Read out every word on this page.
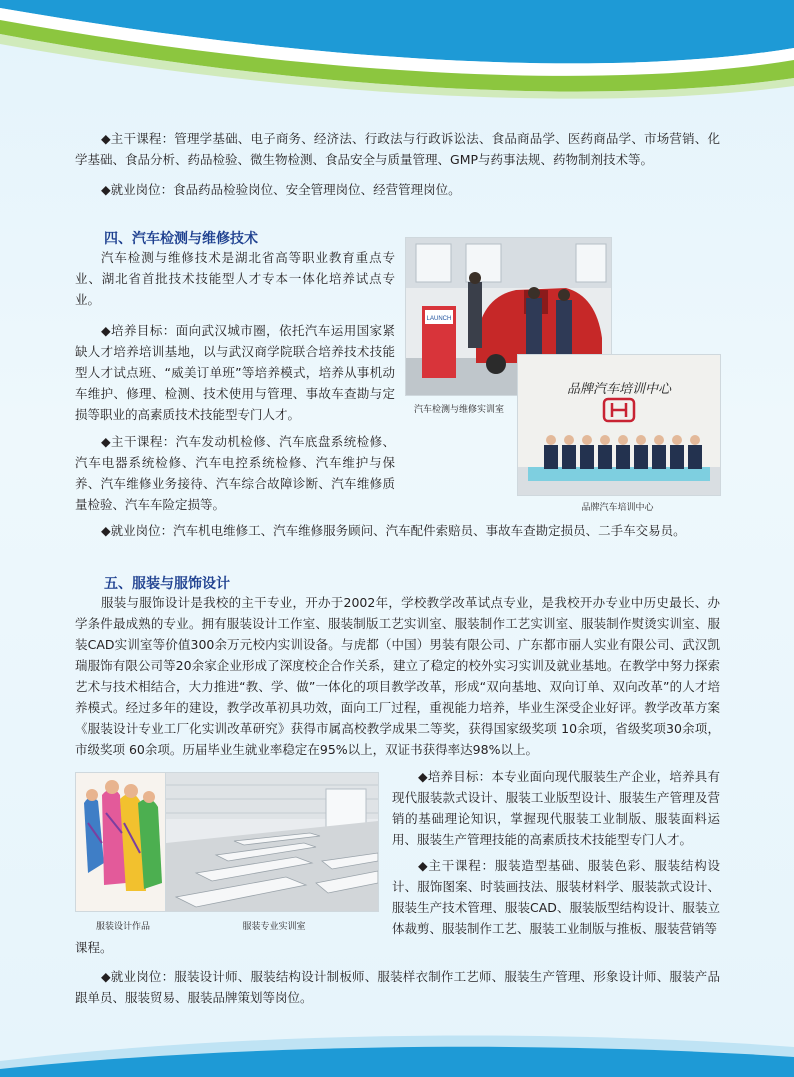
◆主干课程：管理学基础、电子商务、经济法、行政法与行政诉讼法、食品商品学、医药商品学、市场营销、化学基础、食品分析、药品检验、微生物检测、食品安全与质量管理、GMP与药事法规、药物制剂技术等。

◆就业岗位：食品药品检验岗位、安全管理岗位、经营管理岗位。

四、汽车检测与维修技术

汽车检测与维修技术是湖北省高等职业教育重点专业、湖北省首批技术技能型人才专本一体化培养试点专业。

◆培养目标：面向武汉城市圈，依托汽车运用国家紧缺人才培养培训基地，以与武汉商学院联合培养技术技能型人才试点班、“威美订单班”等培养模式，培养从事机动车维护、修理、检测、技术使用与管理、事故车查勘与定损等职业的高素质技术技能型专门人才。

◆主干课程：汽车发动机检修、汽车底盘系统检修、汽车电器系统检修、汽车电控系统检修、汽车维护与保养、汽车维修业务接待、汽车综合故障诊断、汽车维修质量检验、汽车车险定损等。

◆就业岗位：汽车机电维修工、汽车维修服务顾问、汽车配件索赔员、事故车查勘定损员、二手车交易员。

LAUNCH
品牌汽车培训中心
汽车检测与维修实训室
品牌汽车培训中心
五、服装与服饰设计

服装与服饰设计是我校的主干专业，开办于2002年，学校教学改革试点专业，是我校开办专业中历史最长、办学条件最成熟的专业。拥有服装设计工作室、服装制版工艺实训室、服装制作工艺实训室、服装制作熨烫实训室、服装CAD实训室等价值300余万元校内实训设备。与虎都（中国）男装有限公司、广东都市丽人实业有限公司、武汉凯瑞服饰有限公司等20余家企业形成了深度校企合作关系，建立了稳定的校外实习实训及就业基地。在教学中努力探索艺术与技术相结合，大力推进“教、学、做”一体化的项目教学改革，形成“双向基地、双向订单、双向改革”的人才培养模式。经过多年的建设，教学改革初具功效，面向工厂过程，重视能力培养，毕业生深受企业好评。教学改革方案《服装设计专业工厂化实训改革研究》获得市属高校教学成果二等奖，获得国家级奖项 10余项，省级奖项30余项，市级奖项 60余项。历届毕业生就业率稳定在95%以上，双证书获得率达98%以上。

服装设计作品	服装专业实训室

◆培养目标：本专业面向现代服装生产企业，培养具有现代服装款式设计、服装工业版型设计、服装生产管理及营销的基础理论知识，掌握现代服装工业制版、服装面料运用、服装生产管理技能的高素质技术技能型专门人才。

◆主干课程：服装造型基础、服装色彩、服装结构设计、服饰图案、时装画技法、服装材料学、服装款式设计、服装生产技术管理、服装CAD、服装版型结构设计、服装立体裁剪、服装制作工艺、服装工业制版与推板、服装营销等

课程。

◆就业岗位：服装设计师、服装结构设计制板师、服装样衣制作工艺师、服装生产管理、形象设计师、服装产品跟单员、服装贸易、服装品牌策划等岗位。
